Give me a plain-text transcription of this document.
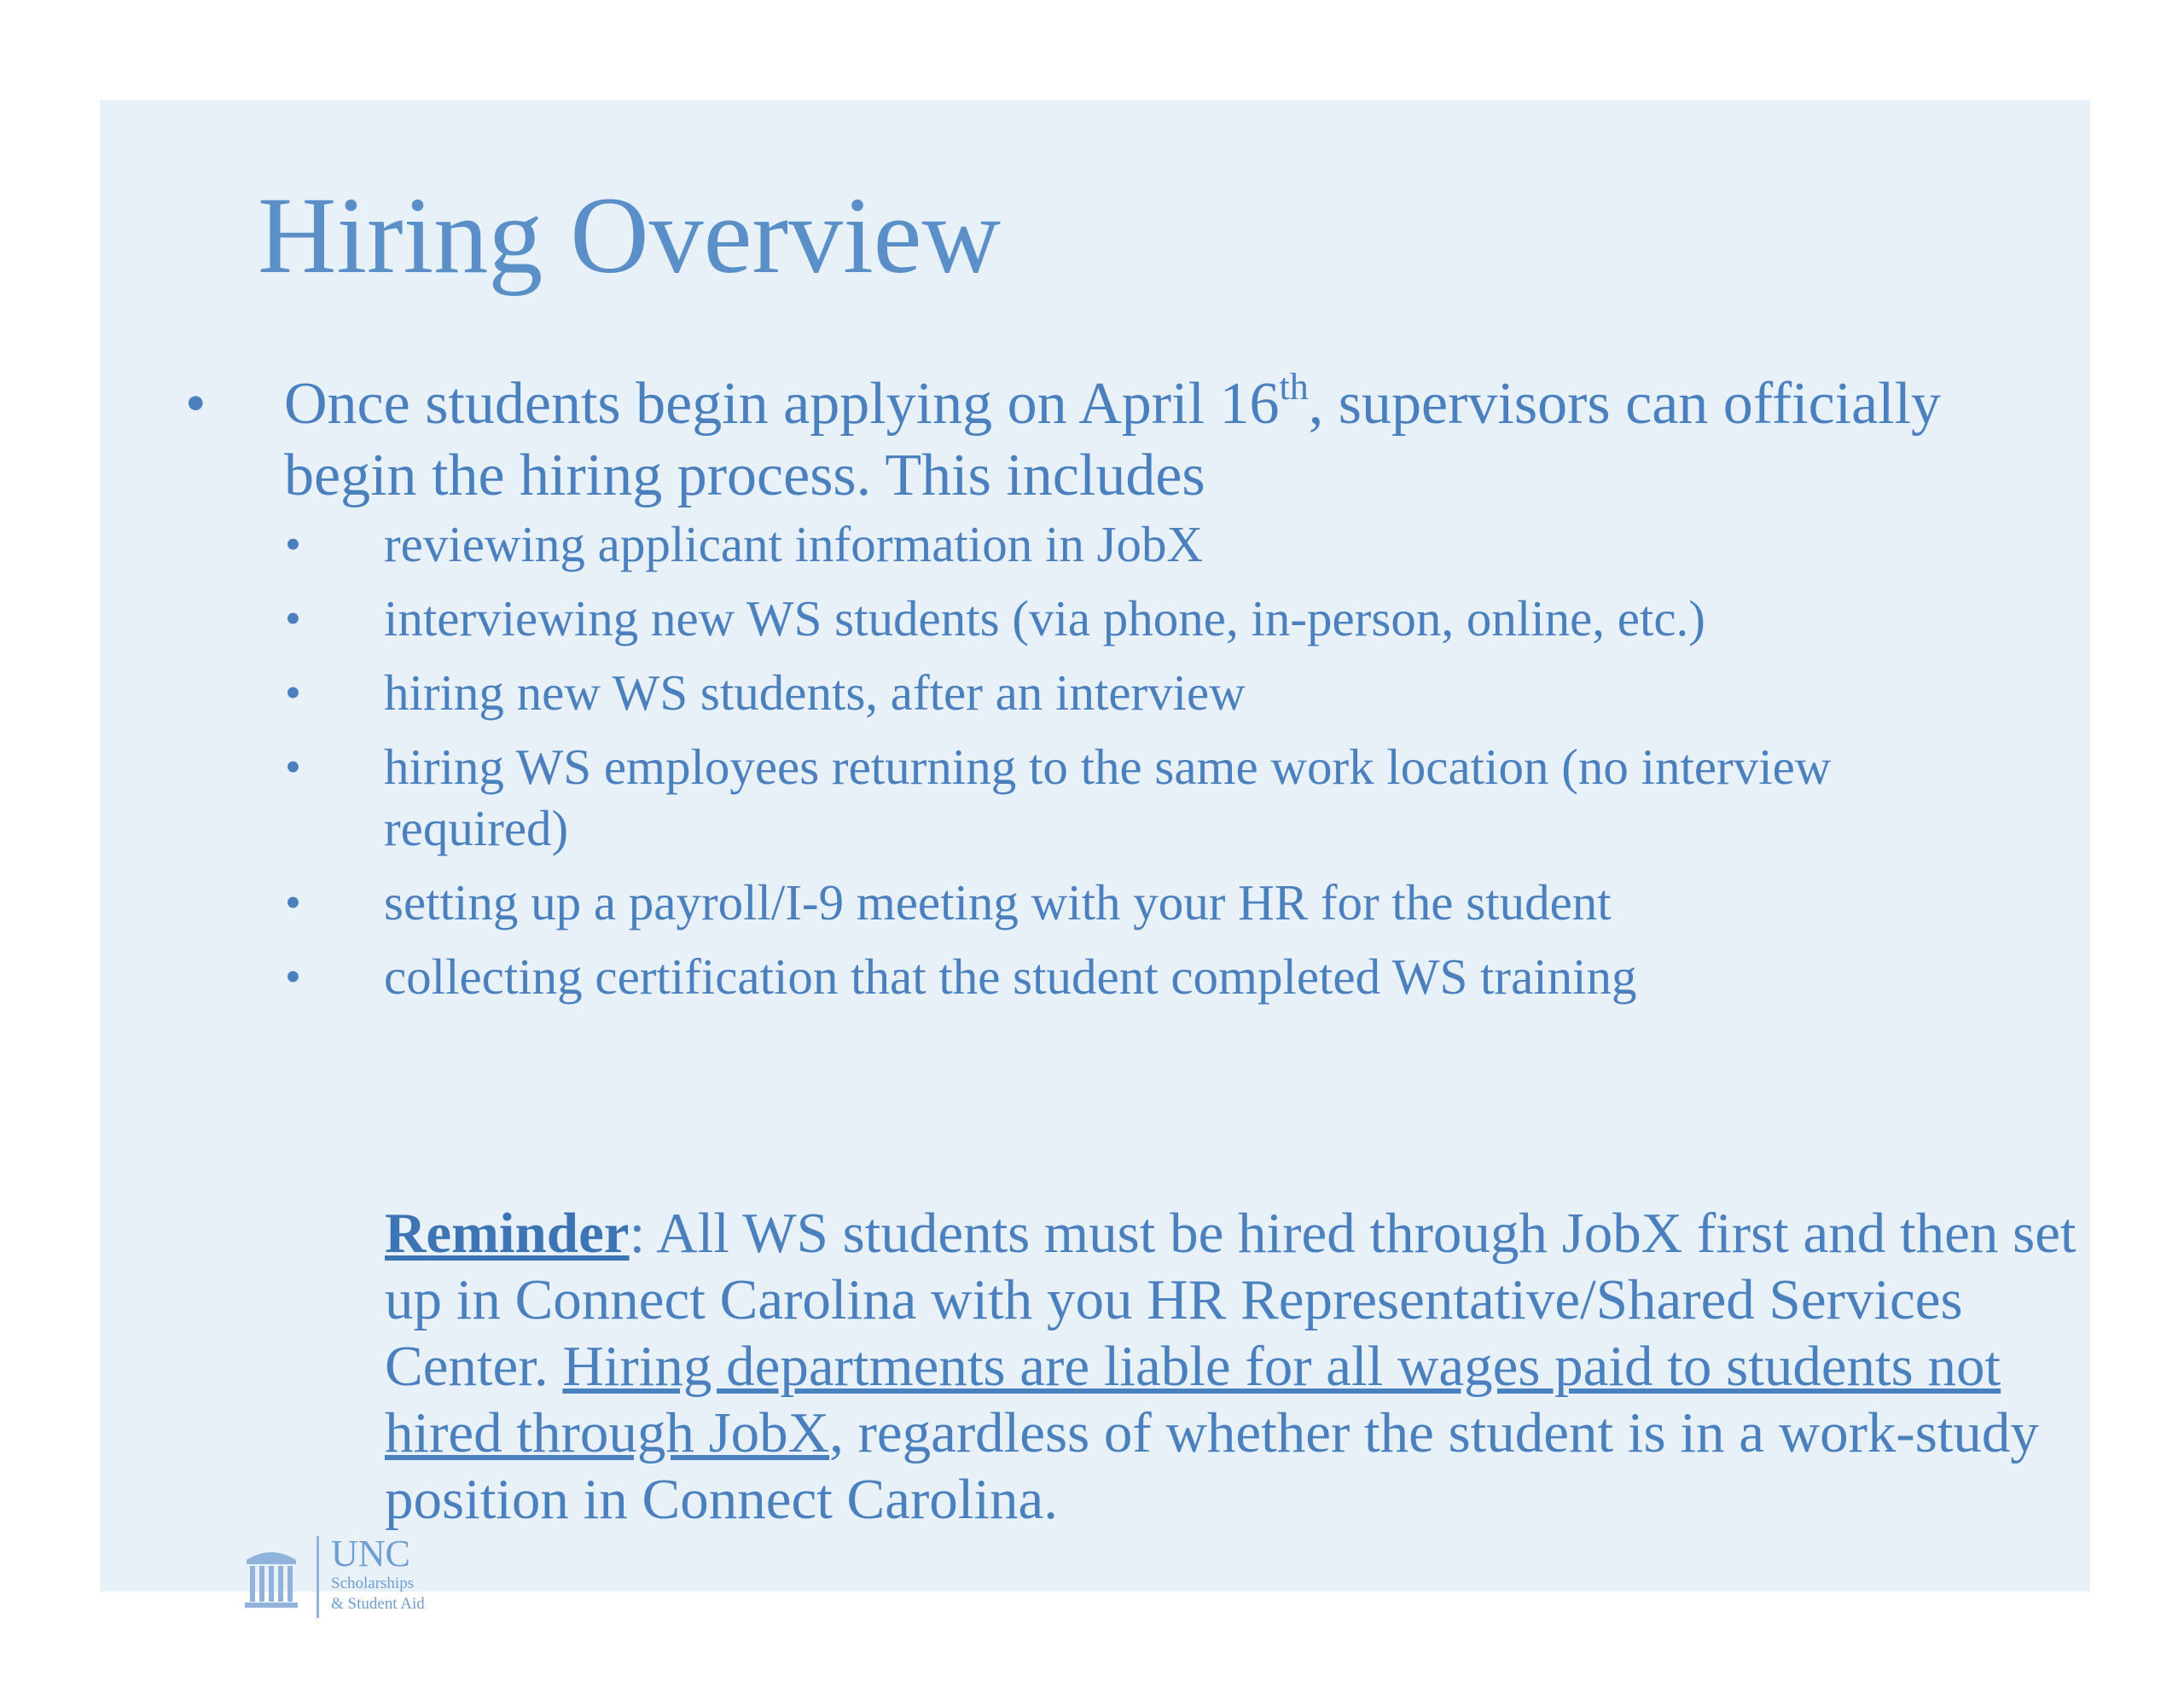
Hiring Overview
• Once students begin applying on April 16th, supervisors can officially begin the hiring process. This includes
• reviewing applicant information in JobX
• interviewing new WS students (via phone, in-person, online, etc.)
• hiring new WS students, after an interview
• hiring WS employees returning to the same work location (no interview required)
• setting up a payroll/I-9 meeting with your HR for the student
• collecting certification that the student completed WS training

Reminder: All WS students must be hired through JobX first and then set up in Connect Carolina with you HR Representative/Shared Services Center. Hiring departments are liable for all wages paid to students not hired through JobX, regardless of whether the student is in a work-study position in Connect Carolina.

UNC
Scholarships
& Student Aid
